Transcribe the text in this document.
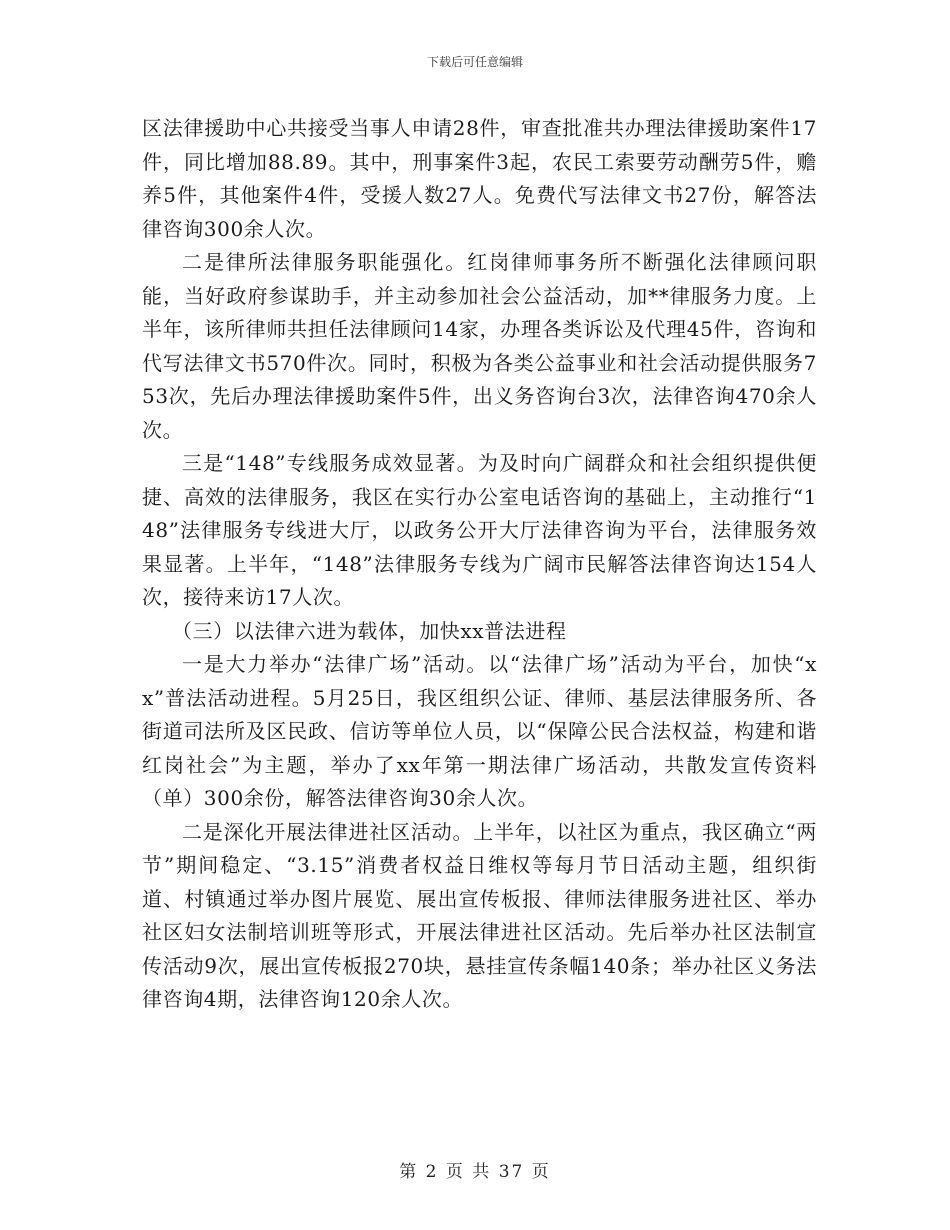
下载后可任意编辑

区法律援助中心共接受当事人申请28件，审查批准共办理法律援助案件17件，同比增加88.89。其中，刑事案件3起，农民工索要劳动酬劳5件，赡养5件，其他案件4件，受援人数27人。免费代写法律文书27份，解答法律咨询300余人次。

二是律所法律服务职能强化。红岗律师事务所不断强化法律顾问职能，当好政府参谋助手，并主动参加社会公益活动，加**律服务力度。上半年，该所律师共担任法律顾问14家，办理各类诉讼及代理45件，咨询和代写法律文书570件次。同时，积极为各类公益事业和社会活动提供服务753次，先后办理法律援助案件5件，出义务咨询台3次，法律咨询470余人次。

三是“148”专线服务成效显著。为及时向广阔群众和社会组织提供便捷、高效的法律服务，我区在实行办公室电话咨询的基础上，主动推行“148”法律服务专线进大厅，以政务公开大厅法律咨询为平台，法律服务效果显著。上半年，“148”法律服务专线为广阔市民解答法律咨询达154人次，接待来访17人次。

（三）以法律六进为载体，加快xx普法进程

一是大力举办“法律广场”活动。以“法律广场”活动为平台，加快“xx”普法活动进程。5月25日，我区组织公证、律师、基层法律服务所、各街道司法所及区民政、信访等单位人员，以“保障公民合法权益，构建和谐红岗社会”为主题，举办了xx年第一期法律广场活动，共散发宣传资料（单）300余份，解答法律咨询30余人次。

二是深化开展法律进社区活动。上半年，以社区为重点，我区确立“两节”期间稳定、“3.15”消费者权益日维权等每月节日活动主题，组织街道、村镇通过举办图片展览、展出宣传板报、律师法律服务进社区、举办社区妇女法制培训班等形式，开展法律进社区活动。先后举办社区法制宣传活动9次，展出宣传板报270块，悬挂宣传条幅140条；举办社区义务法律咨询4期，法律咨询120余人次。

第 2 页 共 37 页
